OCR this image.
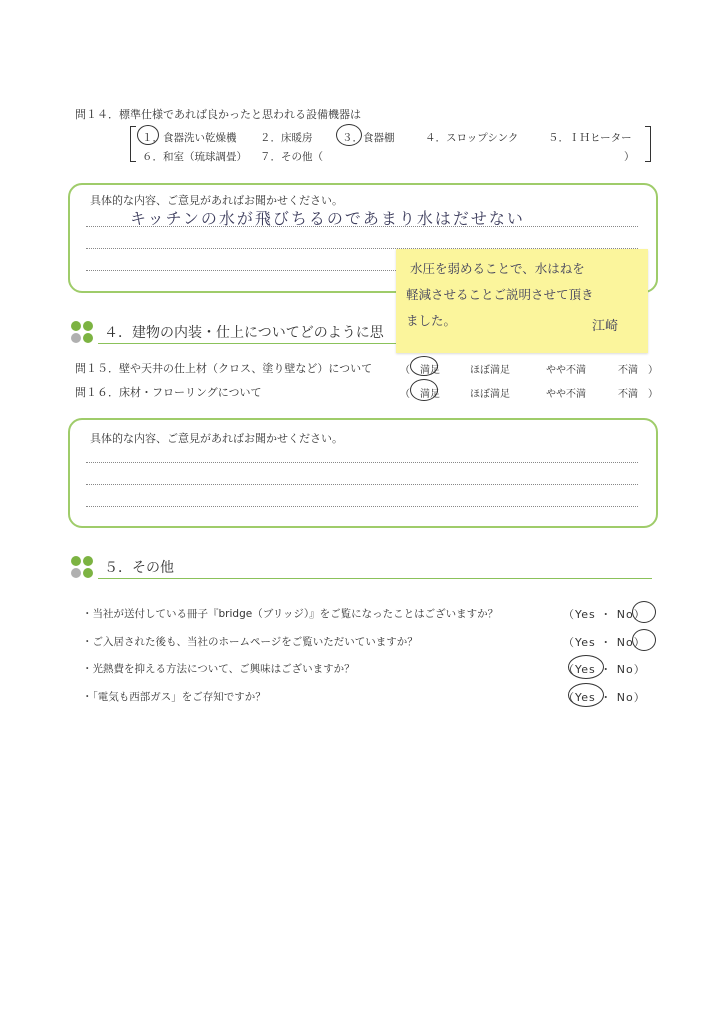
問１４．標準仕様であれば良かったと思われる設備機器は
１．食器洗い乾燥機 ２．床暖房	３．食器棚	４．スロップシンク	５．ＩＨヒーター
６．和室（琉球調畳） ７．その他（	）
具体的な内容、ご意見があればお聞かせください。
キッチンの水が飛びちるのであまり水はだせない
４．建物の内装・仕上についてどのように思
水圧を弱めることで、水はねを
軽減させることご説明させて頂き
ました。	江崎
問１５．壁や天井の仕上材（クロス、塗り壁など）について	（　満足	ほぼ満足	やや不満	不満　）
問１６．床材・フローリングについて	（　満足	ほぼ満足	やや不満	不満　）
具体的な内容、ご意見があればお聞かせください。
５．その他
・当社が送付している冊子『bridge（ブリッジ）』をご覧になったことはございますか？	（Yes ・ No）
・ご入居された後も、当社のホームページをご覧いただいていますか？	（Yes ・ No）
・光熱費を抑える方法について、ご興味はございますか？	（Yes ・ No）
・「電気も西部ガス」をご存知ですか？	（Yes ・ No）
